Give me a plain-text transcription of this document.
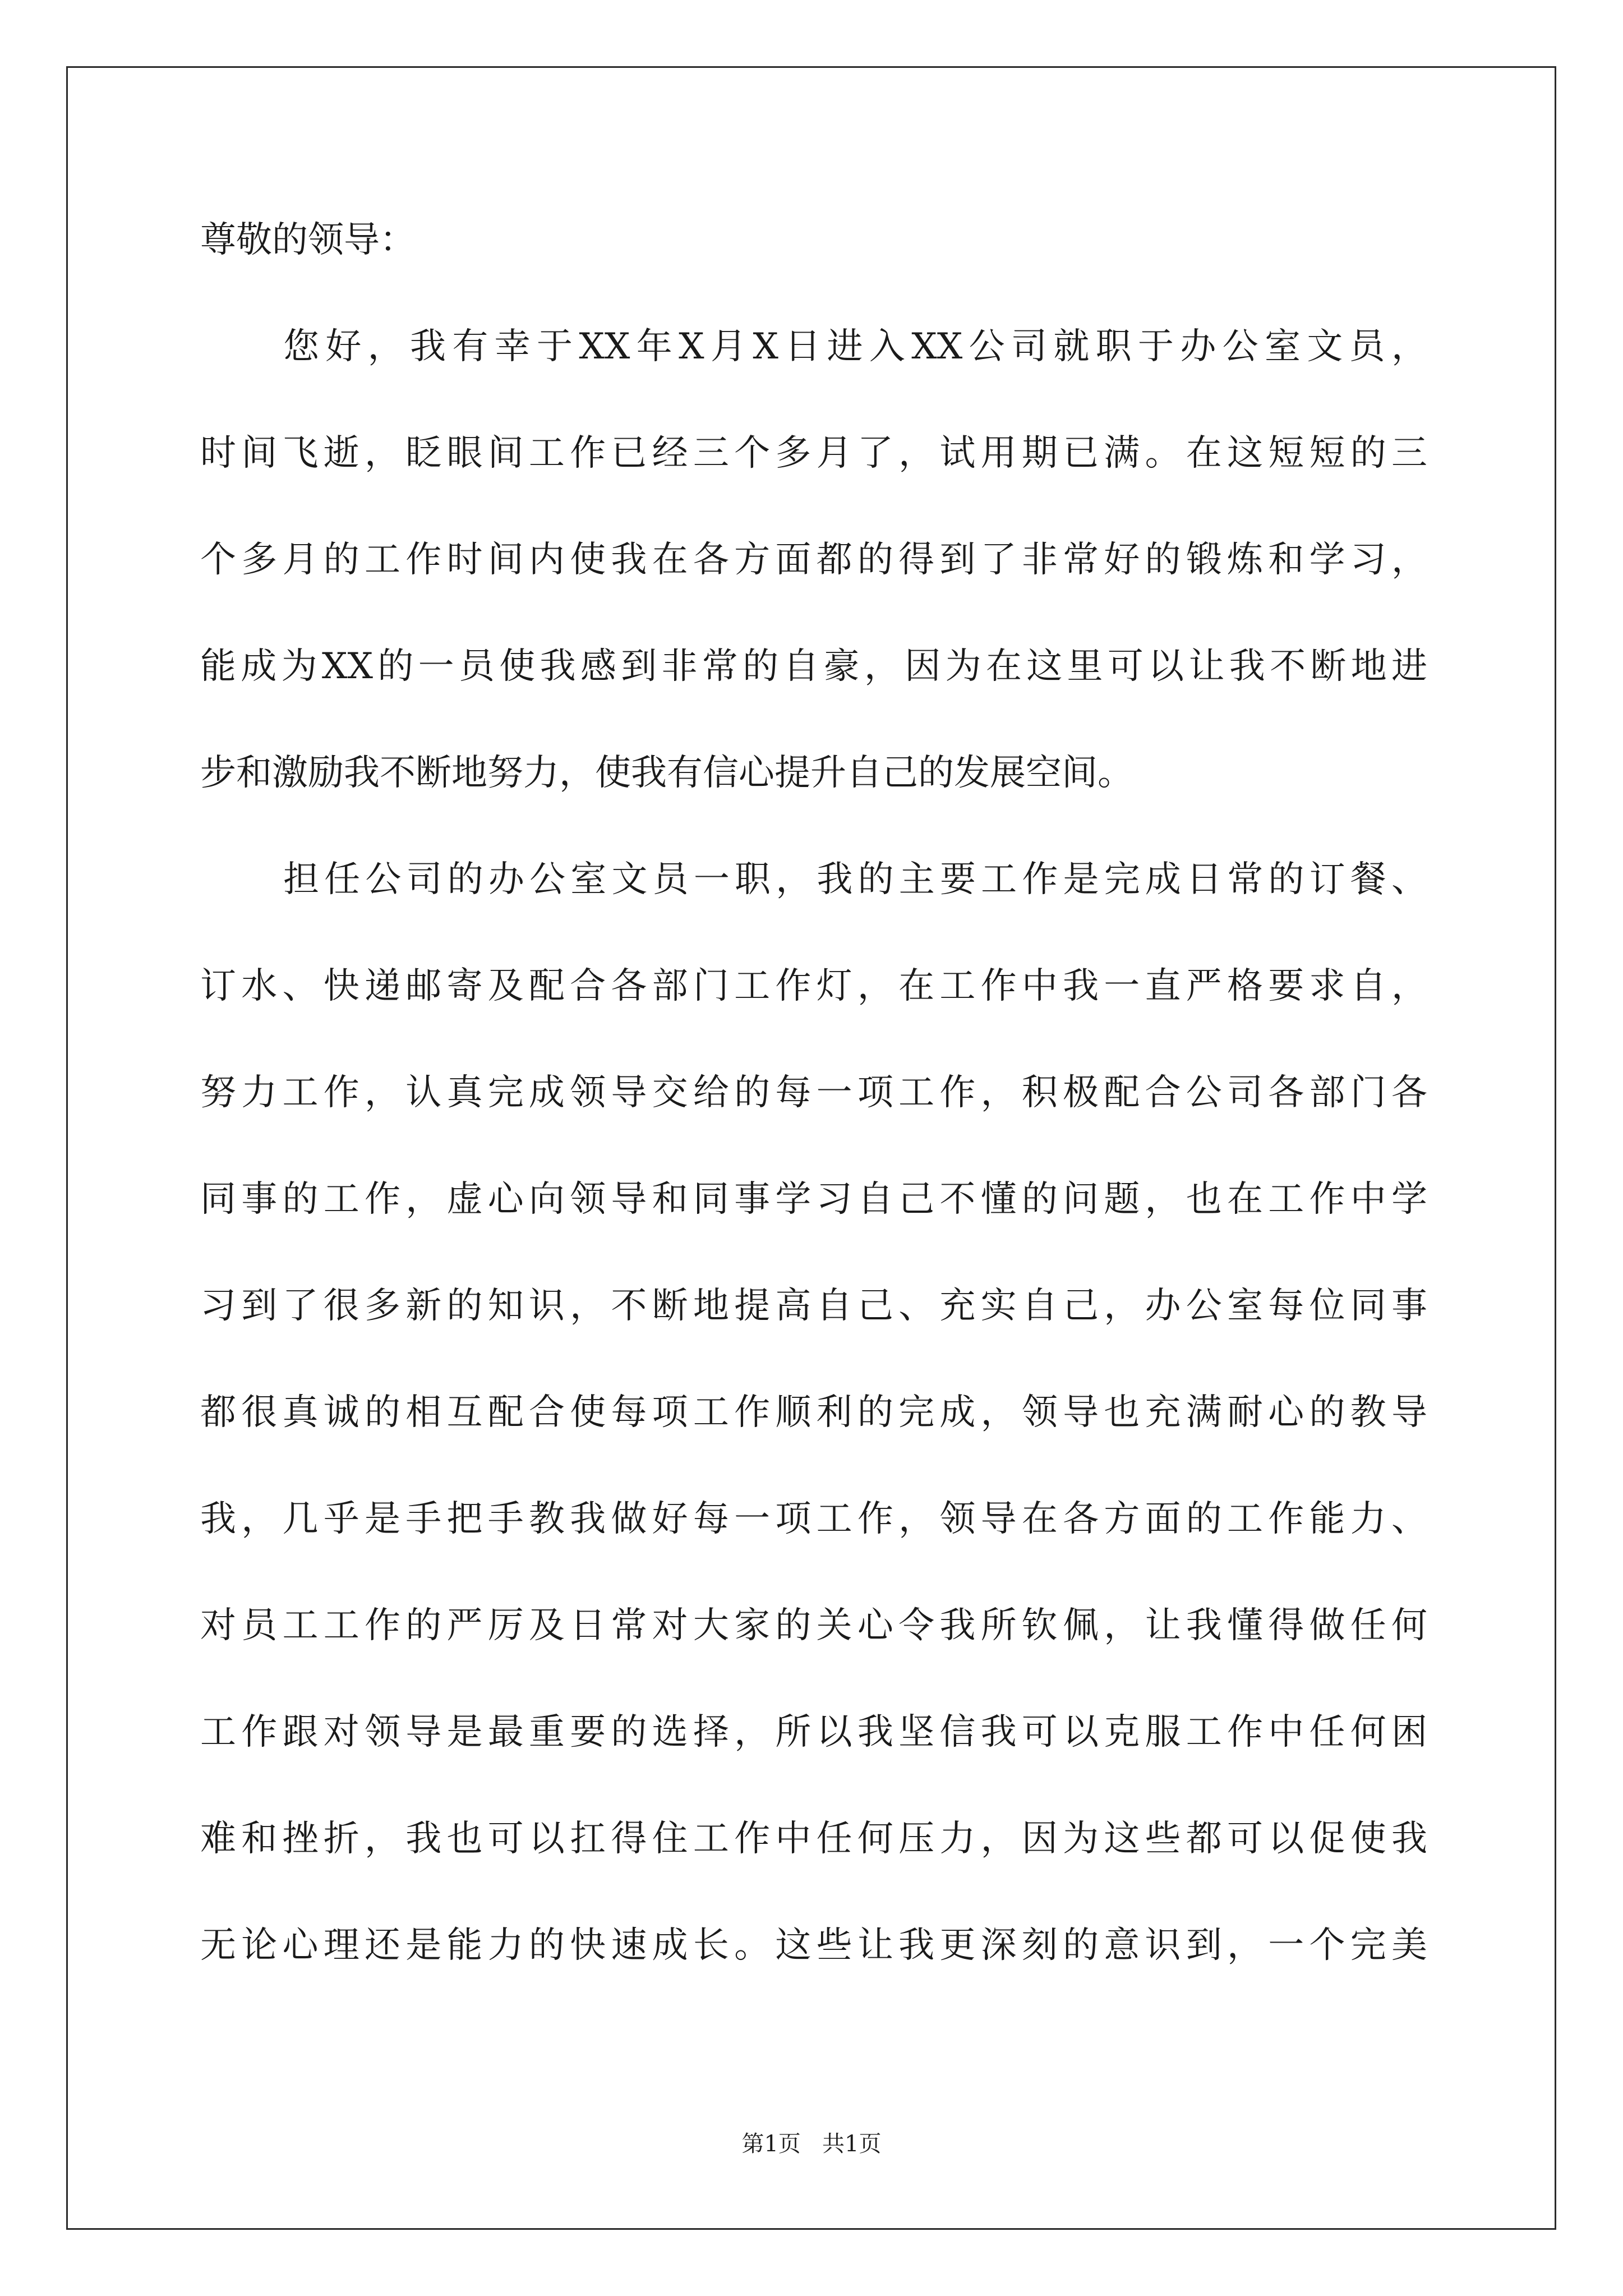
尊敬的领导：
您好，我有幸于XX年X月X日进入XX公司就职于办公室文员，
时间飞逝，眨眼间工作已经三个多月了，试用期已满。在这短短的三
个多月的工作时间内使我在各方面都的得到了非常好的锻炼和学习，
能成为XX的一员使我感到非常的自豪，因为在这里可以让我不断地进
步和激励我不断地努力，使我有信心提升自己的发展空间。
担任公司的办公室文员一职，我的主要工作是完成日常的订餐、
订水、快递邮寄及配合各部门工作灯，在工作中我一直严格要求自，
努力工作，认真完成领导交给的每一项工作，积极配合公司各部门各
同事的工作，虚心向领导和同事学习自己不懂的问题，也在工作中学
习到了很多新的知识，不断地提高自己、充实自己，办公室每位同事
都很真诚的相互配合使每项工作顺利的完成，领导也充满耐心的教导
我，几乎是手把手教我做好每一项工作，领导在各方面的工作能力、
对员工工作的严厉及日常对大家的关心令我所钦佩，让我懂得做任何
工作跟对领导是最重要的选择，所以我坚信我可以克服工作中任何困
难和挫折，我也可以扛得住工作中任何压力，因为这些都可以促使我
无论心理还是能力的快速成长。这些让我更深刻的意识到，一个完美
第1页   共1页
